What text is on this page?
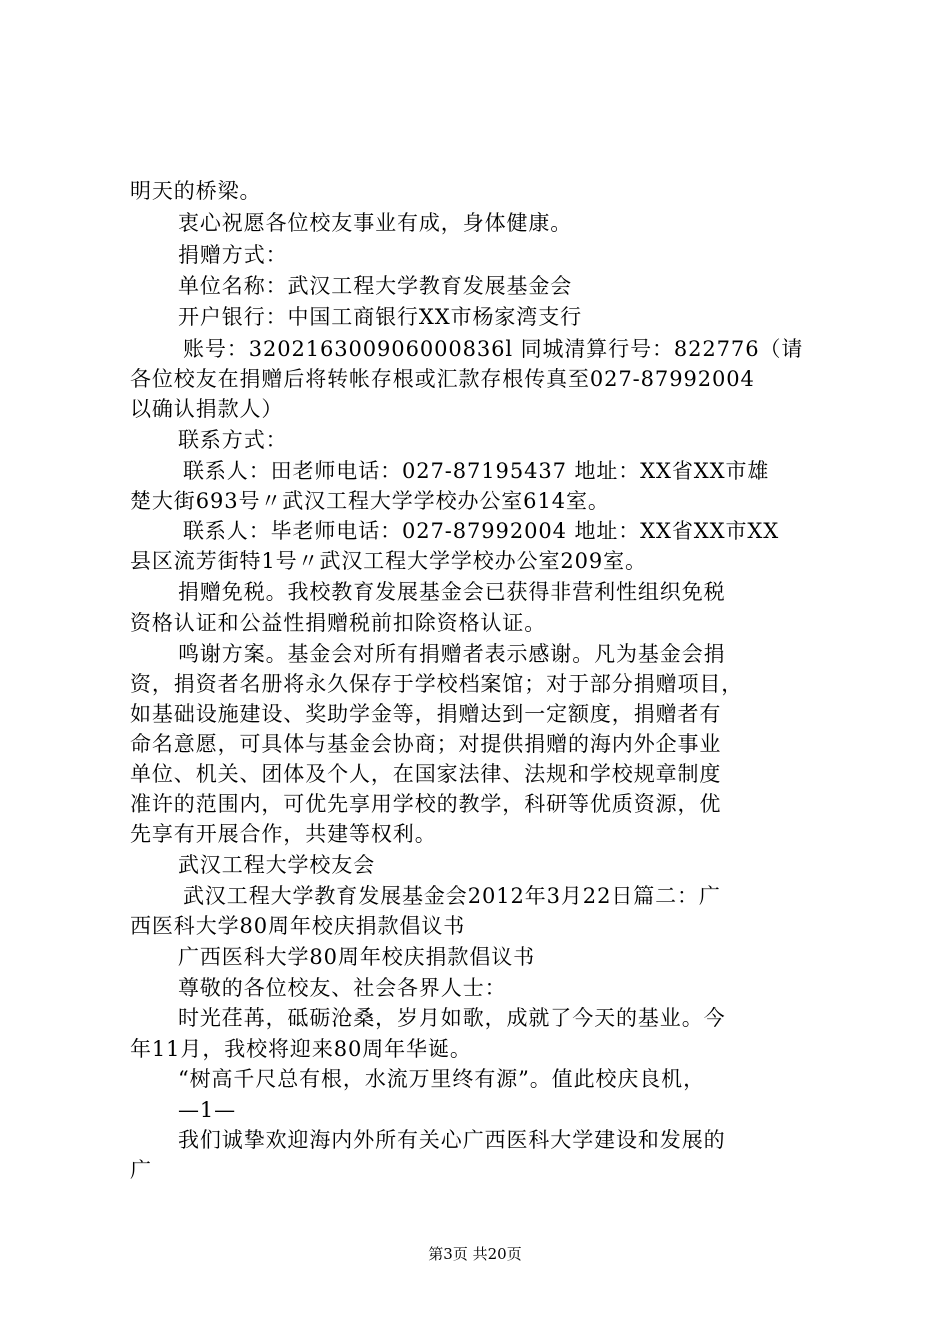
明天的桥梁。
衷心祝愿各位校友事业有成，身体健康。
捐赠方式：
单位名称：武汉工程大学教育发展基金会
开户银行：中国工商银行XX市杨家湾支行
账号：320216300906000836l 同城清算行号：822776（请
各位校友在捐赠后将转帐存根或汇款存根传真至027-87992004
以确认捐款人）
联系方式：
联系人：田老师电话：027-87195437 地址：XX省XX市雄
楚大街693号〃武汉工程大学学校办公室614室。
联系人：毕老师电话：027-87992004 地址：XX省XX市XX
县区流芳街特1号〃武汉工程大学学校办公室209室。
捐赠免税。我校教育发展基金会已获得非营利性组织免税
资格认证和公益性捐赠税前扣除资格认证。
鸣谢方案。基金会对所有捐赠者表示感谢。凡为基金会捐
资，捐资者名册将永久保存于学校档案馆；对于部分捐赠项目，
如基础设施建设、奖助学金等，捐赠达到一定额度，捐赠者有
命名意愿，可具体与基金会协商；对提供捐赠的海内外企事业
单位、机关、团体及个人，在国家法律、法规和学校规章制度
准许的范围内，可优先享用学校的教学，科研等优质资源，优
先享有开展合作，共建等权利。
武汉工程大学校友会
武汉工程大学教育发展基金会2012年3月22日篇二：广
西医科大学80周年校庆捐款倡议书
广西医科大学80周年校庆捐款倡议书
尊敬的各位校友、社会各界人士：
时光荏苒，砥砺沧桑，岁月如歌，成就了今天的基业。今
年11月，我校将迎来80周年华诞。
“树高千尺总有根，水流万里终有源”。值此校庆良机，
—1—
我们诚挚欢迎海内外所有关心广西医科大学建设和发展的
广
第3页 共20页
